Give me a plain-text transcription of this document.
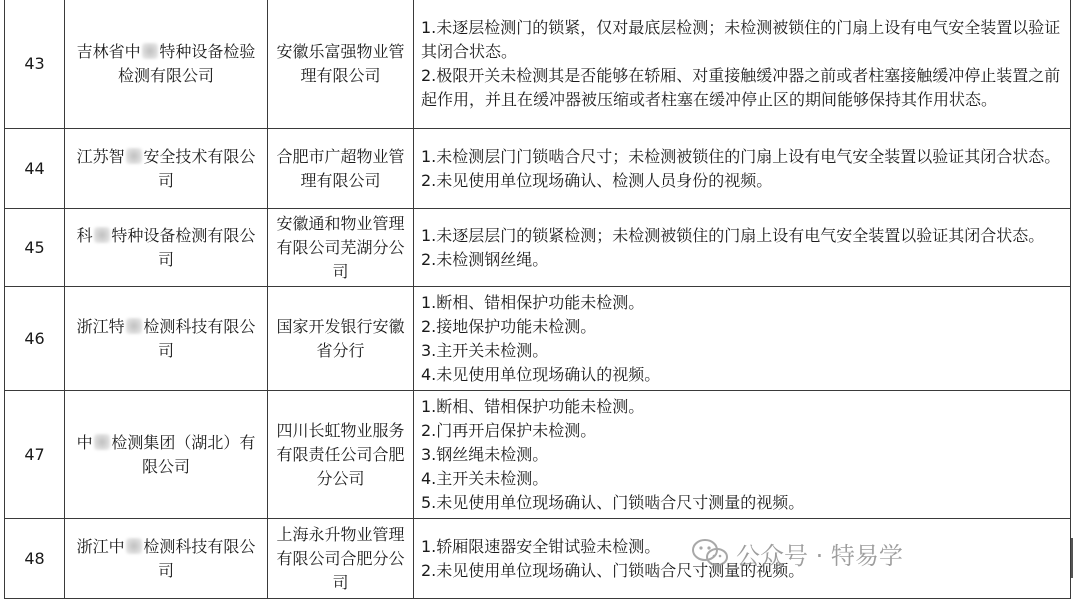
43	吉林省中 特种设备检验检测有限公司	安徽乐富强物业管理有限公司	1.未逐层检测门的锁紧，仅对最底层检测；未检测被锁住的门扇上设有电气安全装置以验证其闭合状态。
2.极限开关未检测其是否能够在轿厢、对重接触缓冲器之前或者柱塞接触缓冲停止装置之前起作用，并且在缓冲器被压缩或者柱塞在缓冲停止区的期间能够保持其作用状态。

44	江苏智 安全技术有限公司	合肥市广超物业管理有限公司	1.未检测层门门锁啮合尺寸；未检测被锁住的门扇上设有电气安全装置以验证其闭合状态。
2.未见使用单位现场确认、检测人员身份的视频。

45	科 特种设备检测有限公司	安徽通和物业管理有限公司芜湖分公司	1.未逐层层门的锁紧检测；未检测被锁住的门扇上设有电气安全装置以验证其闭合状态。
2.未检测钢丝绳。

46	浙江特 检测科技有限公司	国家开发银行安徽省分行	1.断相、错相保护功能未检测。
2.接地保护功能未检测。
3.主开关未检测。
4.未见使用单位现场确认的视频。

47	中 检测集团（湖北）有限公司	四川长虹物业服务有限责任公司合肥分公司	1.断相、错相保护功能未检测。
2.门再开启保护未检测。
3.钢丝绳未检测。
4.主开关未检测。
5.未见使用单位现场确认、门锁啮合尺寸测量的视频。

48	浙江中 检测科技有限公司	上海永升物业管理有限公司合肥分公司	1.轿厢限速器安全钳试验未检测。
2.未见使用单位现场确认、门锁啮合尺寸测量的视频。
公众号 · 特易学
